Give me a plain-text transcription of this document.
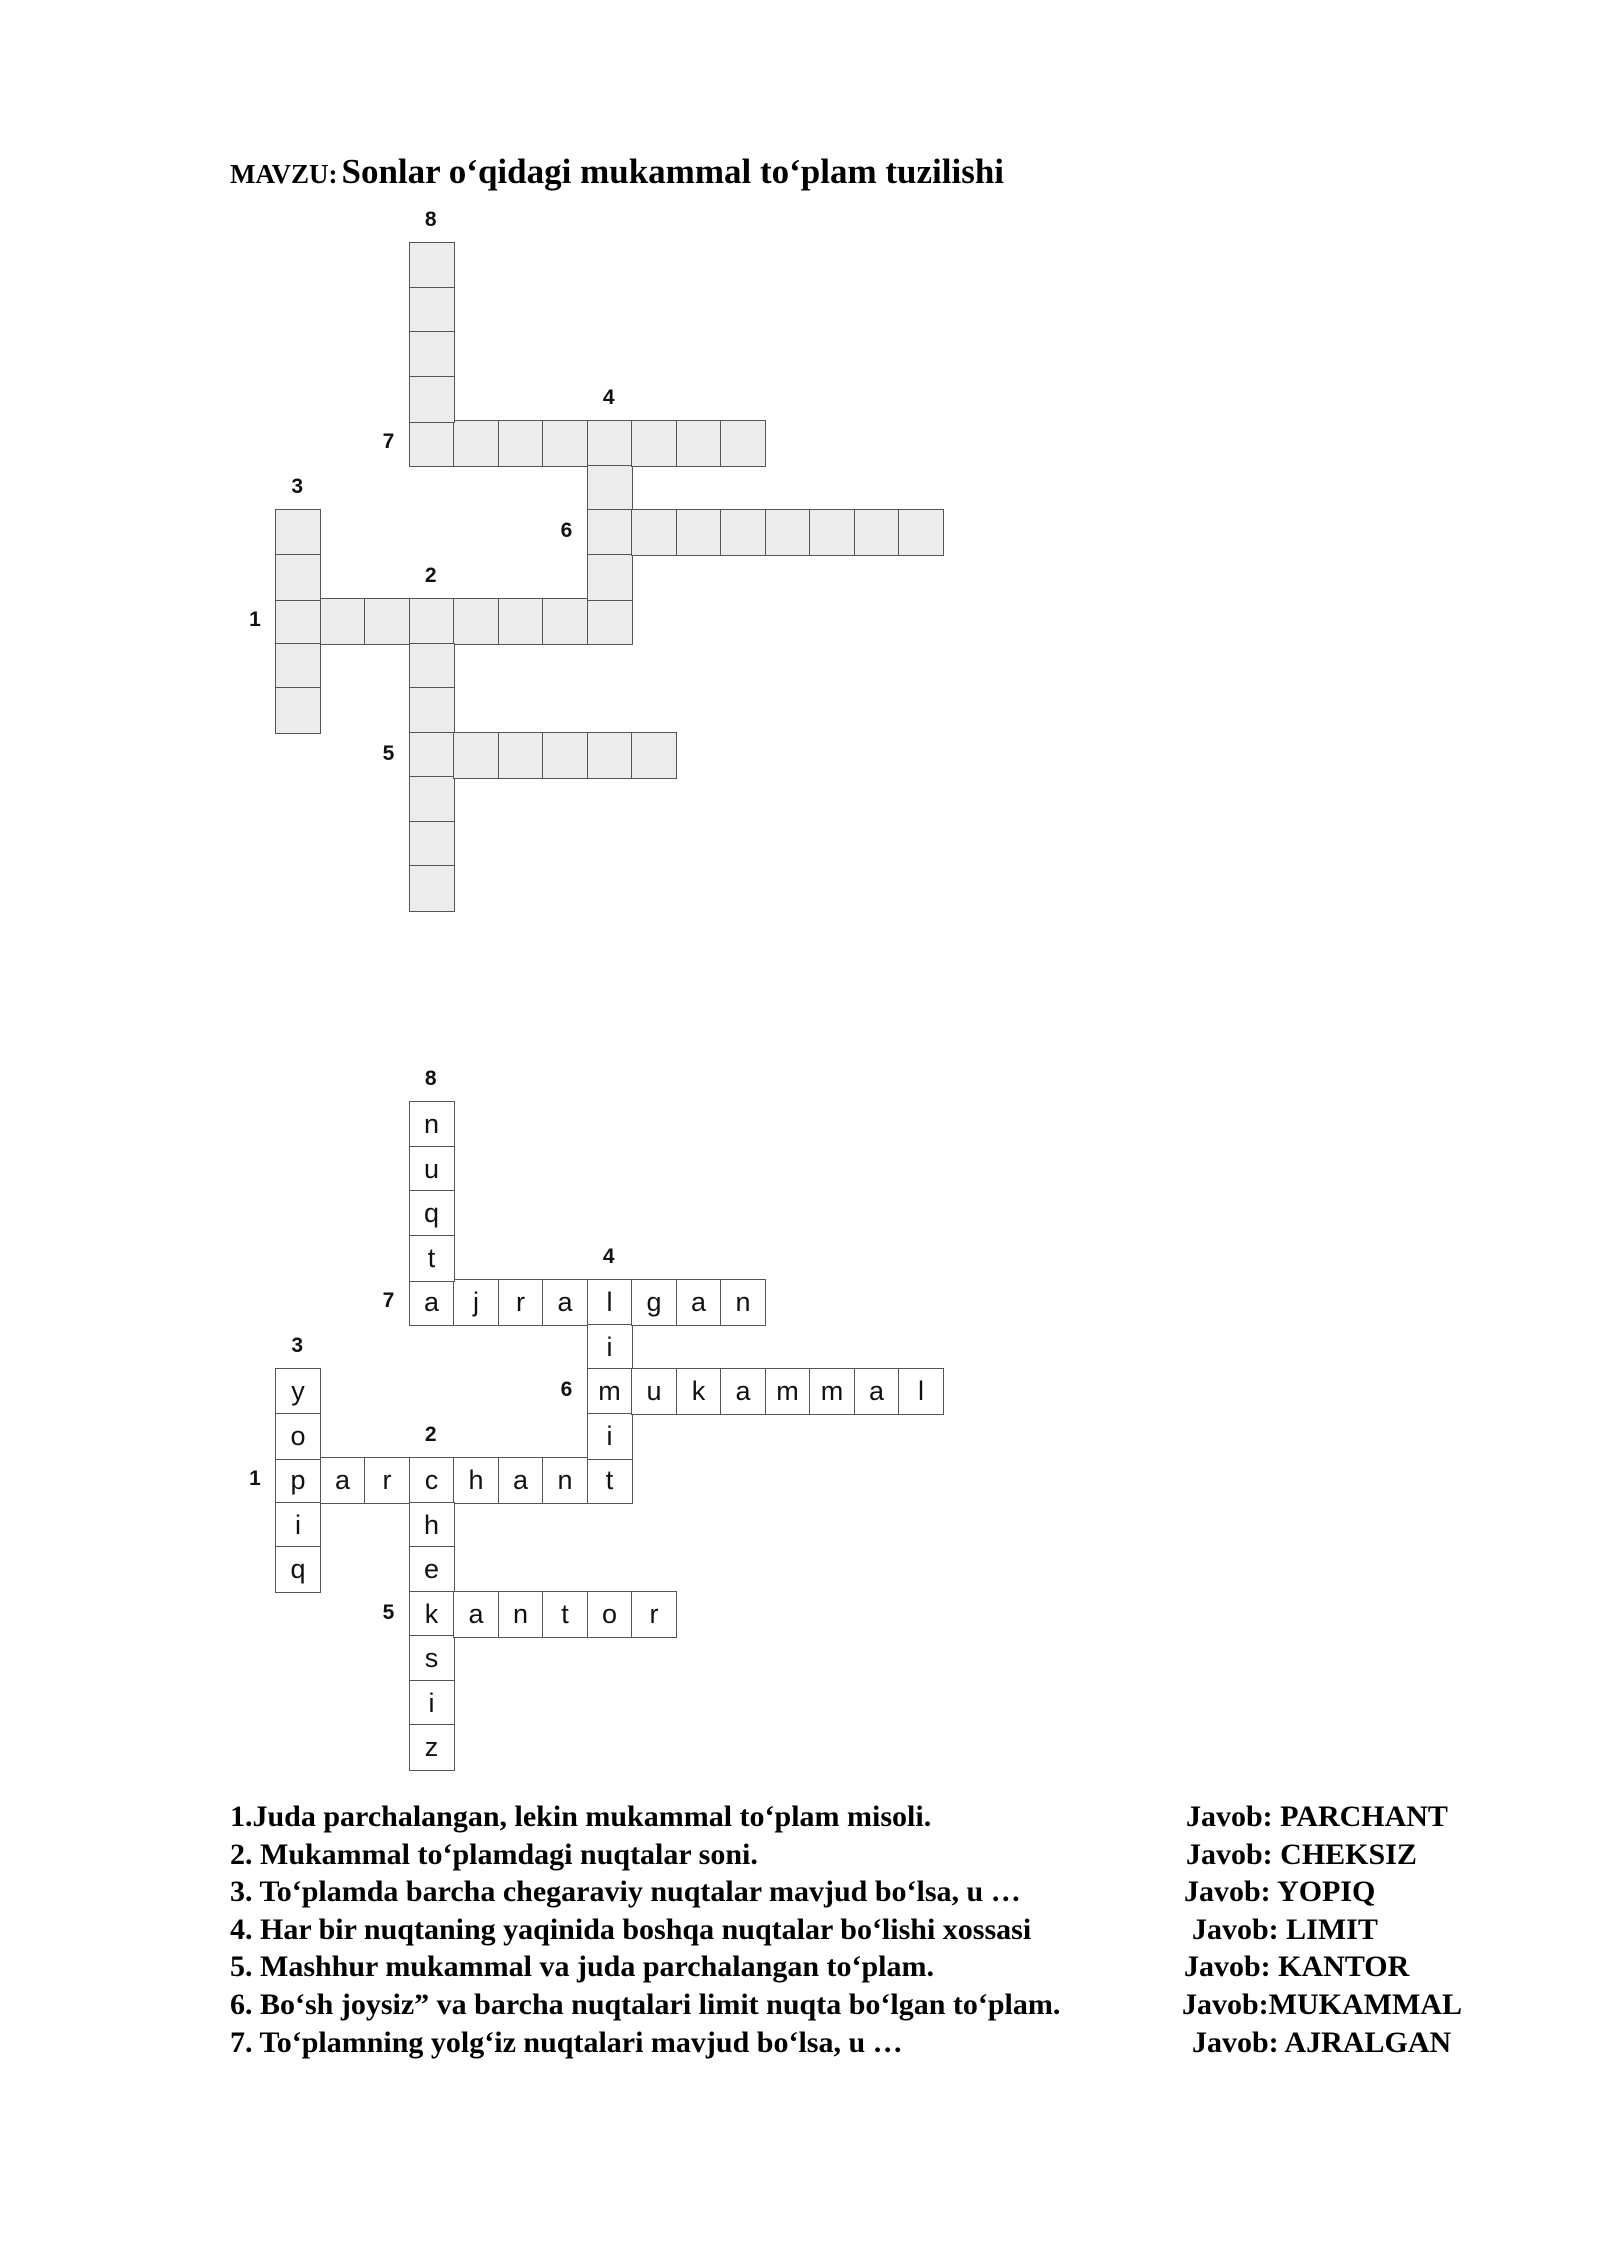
MAVZU: Sonlar o‘qidagi mukammal to‘plam tuzilishi
1
2
3
4
5
6
7
8
p	a	r	c	h	a	n	t
h
e
k
s
i
z
y
o
i
q
l
i
m
i
a	n	t	o	r
u	k	a m m a	l
a	j	r	a	g	a	n
n
u
q
t
1
2
3
4
5
6
7
8
1.Juda parchalangan, lekin mukammal to‘plam misoli.	Javob: PARCHANT
2. Mukammal to‘plamdagi nuqtalar soni.	Javob: CHEKSIZ
3. To‘plamda barcha chegaraviy nuqtalar mavjud bo‘lsa, u …	Javob: YOPIQ
4. Har bir nuqtaning yaqinida boshqa nuqtalar bo‘lishi xossasi	Javob: LIMIT
5. Mashhur mukammal va juda parchalangan to‘plam.	Javob: KANTOR
6. Bo‘sh joysiz” va barcha nuqtalari limit nuqta bo‘lgan to‘plam.	Javob:MUKAMMAL
7. To‘plamning yolg‘iz nuqtalari mavjud bo‘lsa, u …	Javob: AJRALGAN
